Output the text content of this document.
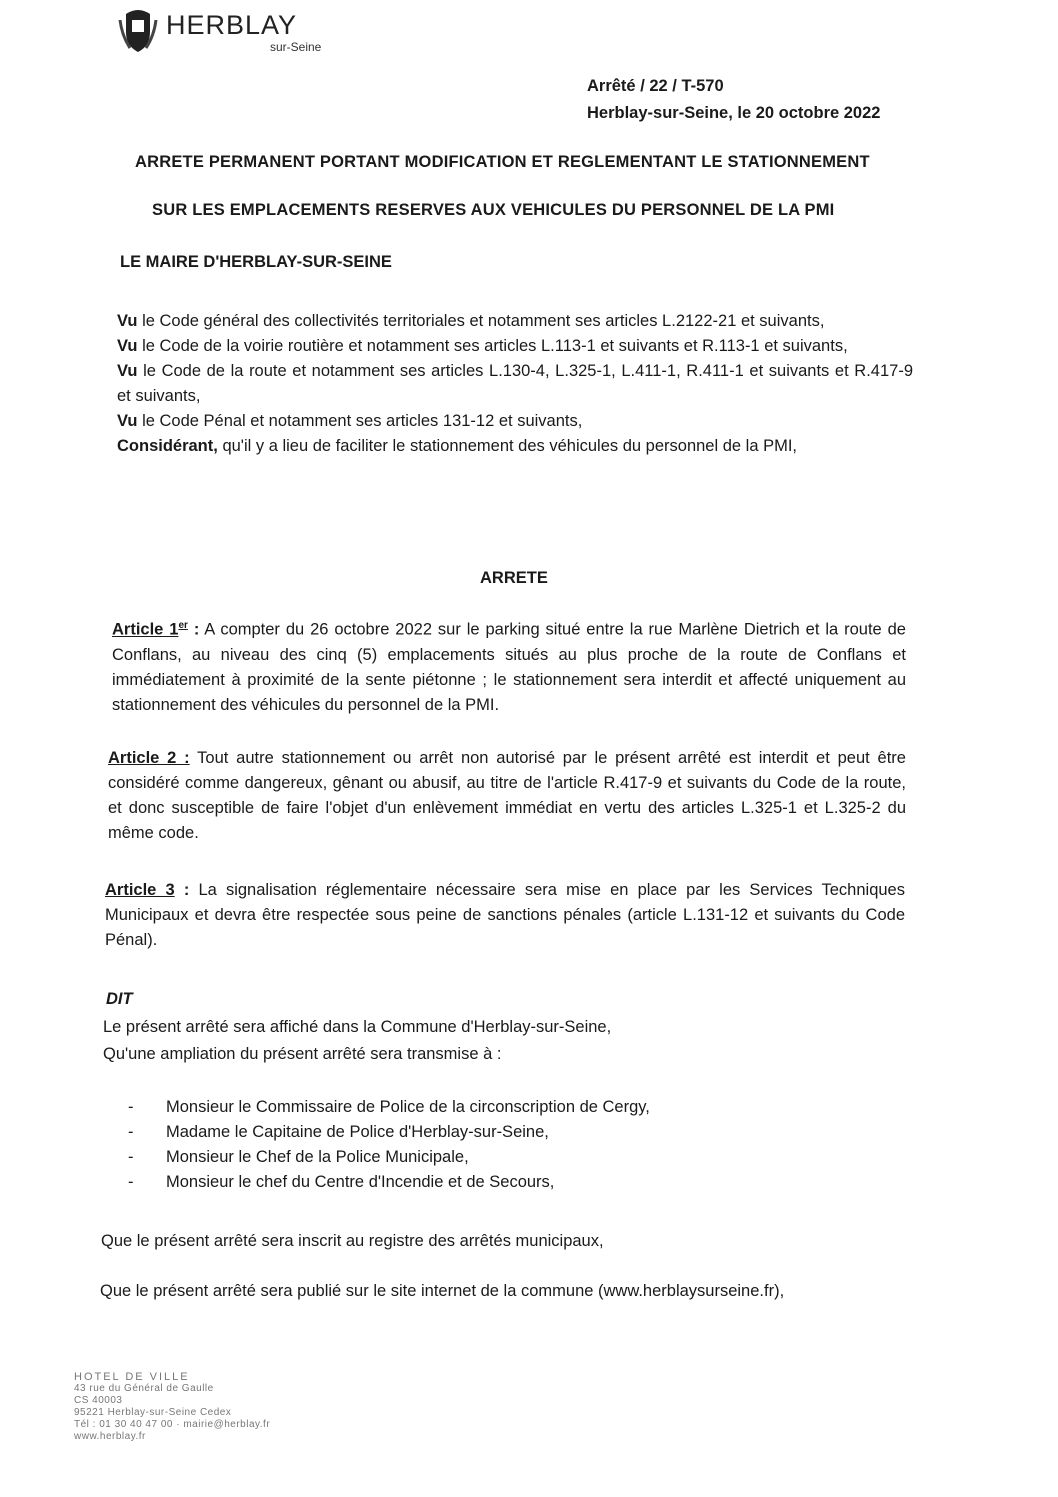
HERBLAY
sur-Seine
Arrêté / 22 / T-570
Herblay-sur-Seine, le 20 octobre 2022
ARRETE PERMANENT PORTANT MODIFICATION ET REGLEMENTANT LE STATIONNEMENT
SUR LES EMPLACEMENTS RESERVES AUX VEHICULES DU PERSONNEL DE LA PMI
LE MAIRE D'HERBLAY-SUR-SEINE
Vu le Code général des collectivités territoriales et notamment ses articles L.2122-21 et suivants,
Vu le Code de la voirie routière et notamment ses articles L.113-1 et suivants et R.113-1 et suivants,
Vu le Code de la route et notamment ses articles L.130-4, L.325-1, L.411-1, R.411-1 et suivants et R.417-9 et suivants,
Vu le Code Pénal et notamment ses articles 131-12 et suivants,
Considérant, qu'il y a lieu de faciliter le stationnement des véhicules du personnel de la PMI,
ARRETE
Article 1er : A compter du 26 octobre 2022 sur le parking situé entre la rue Marlène Dietrich et la route de Conflans, au niveau des cinq (5) emplacements situés au plus proche de la route de Conflans et immédiatement à proximité de la sente piétonne ; le stationnement sera interdit et affecté uniquement au stationnement des véhicules du personnel de la PMI.
Article 2 : Tout autre stationnement ou arrêt non autorisé par le présent arrêté est interdit et peut être considéré comme dangereux, gênant ou abusif, au titre de l'article R.417-9 et suivants du Code de la route, et donc susceptible de faire l'objet d'un enlèvement immédiat en vertu des articles L.325-1 et L.325-2 du même code.
Article 3 : La signalisation réglementaire nécessaire sera mise en place par les Services Techniques Municipaux et devra être respectée sous peine de sanctions pénales (article L.131-12 et suivants du Code Pénal).
DIT
Le présent arrêté sera affiché dans la Commune d'Herblay-sur-Seine,
Qu'une ampliation du présent arrêté sera transmise à :
-	Monsieur le Commissaire de Police de la circonscription de Cergy,
-	Madame le Capitaine de Police d'Herblay-sur-Seine,
-	Monsieur le Chef de la Police Municipale,
-	Monsieur le chef du Centre d'Incendie et de Secours,
Que le présent arrêté sera inscrit au registre des arrêtés municipaux,
Que le présent arrêté sera publié sur le site internet de la commune (www.herblaysurseine.fr),
HOTEL DE VILLE
43 rue du Général de Gaulle
CS 40003
95221 Herblay-sur-Seine Cedex
Tél : 01 30 40 47 00 · mairie@herblay.fr
www.herblay.fr
